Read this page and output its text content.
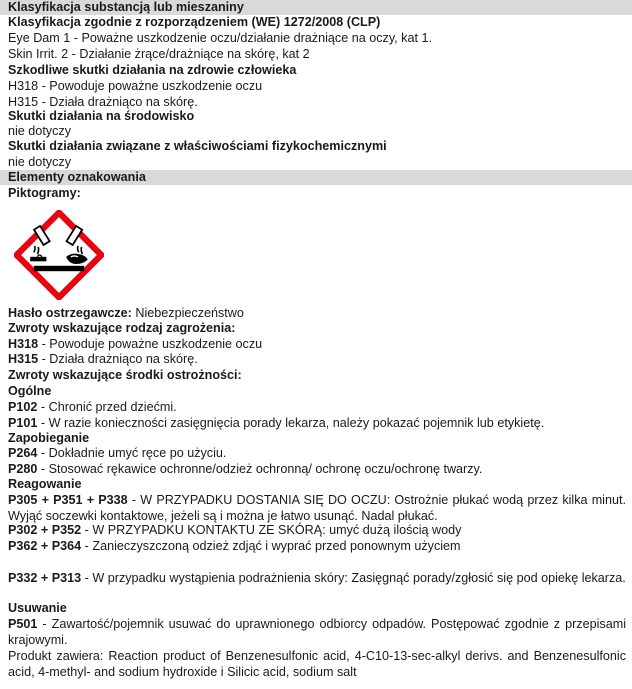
Klasyfikacja substancją lub mieszaniny
Klasyfikacja zgodnie z rozporządzeniem (WE) 1272/2008 (CLP)
Eye Dam 1 - Poważne uszkodzenie oczu/działanie drażniące na oczy, kat 1.
Skin Irrit. 2 - Działanie żrące/drażniące na skórę, kat 2
Szkodliwe skutki działania na zdrowie człowieka
H318 - Powoduje poważne uszkodzenie oczu
H315 - Działa drażniąco na skórę.
Skutki działania na środowisko
nie dotyczy
Skutki działania związane z właściwościami fizykochemicznymi
nie dotyczy
Elementy oznakowania
Piktogramy:
Hasło ostrzegawcze: Niebezpieczeństwo
Zwroty wskazujące rodzaj zagrożenia:
H318 - Powoduje poważne uszkodzenie oczu
H315 - Działa drażniąco na skórę.
Zwroty wskazujące środki ostrożności:
Ogólne
P102 - Chronić przed dziećmi.
P101 - W razie konieczności zasięgnięcia porady lekarza, należy pokazać pojemnik lub etykietę.
Zapobieganie
P264 - Dokładnie umyć ręce po użyciu.
P280 - Stosować rękawice ochronne/odzież ochronną/ ochronę oczu/ochronę twarzy.
Reagowanie
P305 + P351 + P338 - W PRZYPADKU DOSTANIA SIĘ DO OCZU: Ostrożnie płukać wodą przez kilka minut. Wyjąć soczewki kontaktowe, jeżeli są i można je łatwo usunąć. Nadal płukać.
P302 + P352 - W PRZYPADKU KONTAKTU ZE SKÓRĄ: umyć dużą ilością wody
P362 + P364 - Zanieczyszczoną odzież zdjąć i wyprać przed ponownym użyciem
P332 + P313 - W przypadku wystąpienia podrażnienia skóry: Zasięgnąć porady/zgłosić się pod opiekę lekarza.
Usuwanie
P501 - Zawartość/pojemnik usuwać do uprawnionego odbiorcy odpadów. Postępować zgodnie z przepisami krajowymi.
Produkt zawiera: Reaction product of Benzenesulfonic acid, 4-C10-13-sec-alkyl derivs. and Benzenesulfonic acid, 4-methyl- and sodium hydroxide i Silicic acid, sodium salt
